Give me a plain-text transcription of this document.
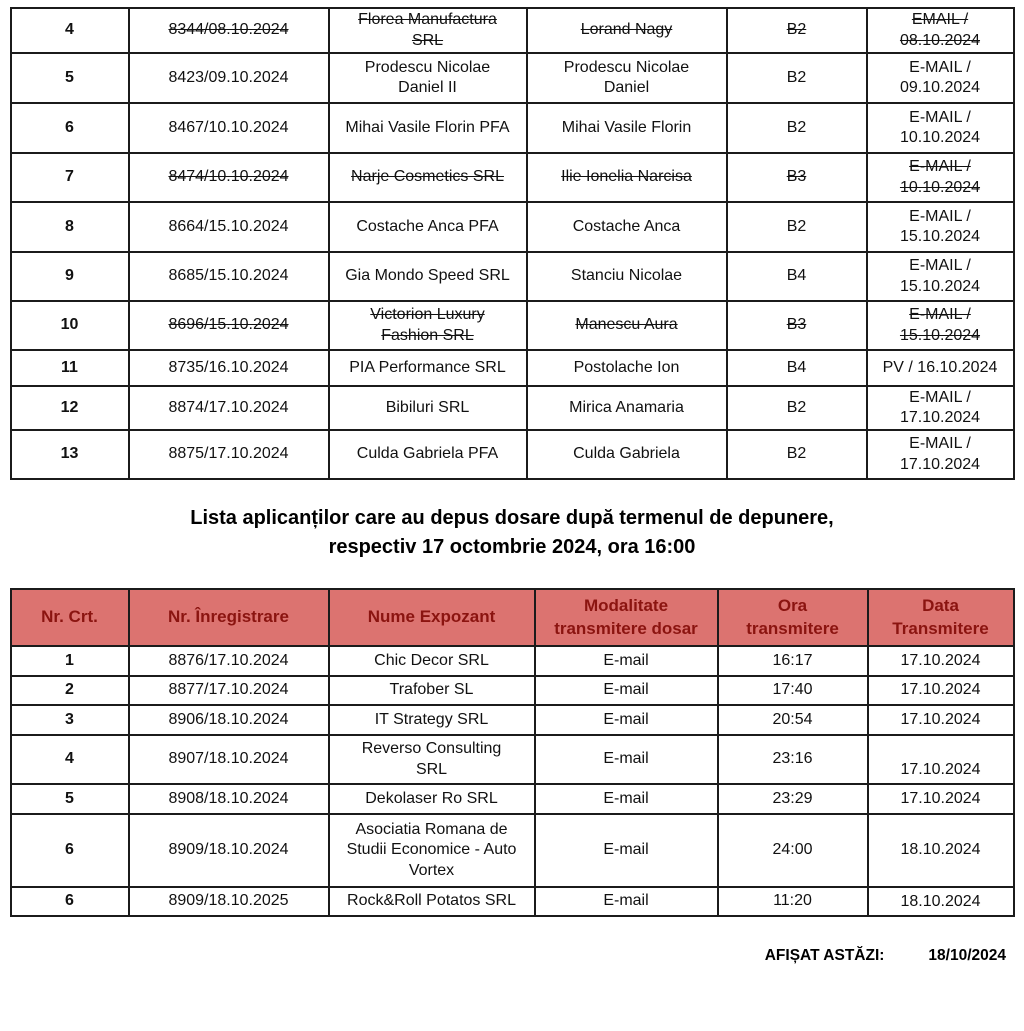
4	8344/08.10.2024	Florea Manufactura SRL	Lorand Nagy	B2	EMAIL / 08.10.2024
5	8423/09.10.2024	Prodescu Nicolae Daniel II	Prodescu Nicolae Daniel	B2	E-MAIL / 09.10.2024
6	8467/10.10.2024	Mihai Vasile Florin PFA	Mihai Vasile Florin	B2	E-MAIL / 10.10.2024
7	8474/10.10.2024	Narje Cosmetics SRL	Ilie Ionelia Narcisa	B3	E-MAIL / 10.10.2024
8	8664/15.10.2024	Costache Anca PFA	Costache Anca	B2	E-MAIL / 15.10.2024
9	8685/15.10.2024	Gia Mondo Speed SRL	Stanciu Nicolae	B4	E-MAIL / 15.10.2024
10	8696/15.10.2024	Victorion Luxury Fashion SRL	Manescu Aura	B3	E-MAIL / 15.10.2024
11	8735/16.10.2024	PIA Performance SRL	Postolache Ion	B4	PV / 16.10.2024
12	8874/17.10.2024	Bibiluri SRL	Mirica Anamaria	B2	E-MAIL / 17.10.2024
13	8875/17.10.2024	Culda Gabriela PFA	Culda Gabriela	B2	E-MAIL / 17.10.2024
Lista aplicanților care au depus dosare după termenul de depunere,
respectiv 17 octombrie 2024, ora 16:00
Nr. Crt.	Nr. Înregistrare	Nume Expozant	Modalitate transmitere dosar	Ora transmitere	Data Transmitere
1	8876/17.10.2024	Chic Decor SRL	E-mail	16:17	17.10.2024
2	8877/17.10.2024	Trafober SL	E-mail	17:40	17.10.2024
3	8906/18.10.2024	IT Strategy SRL	E-mail	20:54	17.10.2024
4	8907/18.10.2024	Reverso Consulting SRL	E-mail	23:16	17.10.2024
5	8908/18.10.2024	Dekolaser Ro SRL	E-mail	23:29	17.10.2024
6	8909/18.10.2024	Asociatia Romana de Studii Economice - Auto Vortex	E-mail	24:00	18.10.2024
6	8909/18.10.2025	Rock&Roll Potatos SRL	E-mail	11:20	18.10.2024
AFIȘAT ASTĂZI:	18/10/2024
